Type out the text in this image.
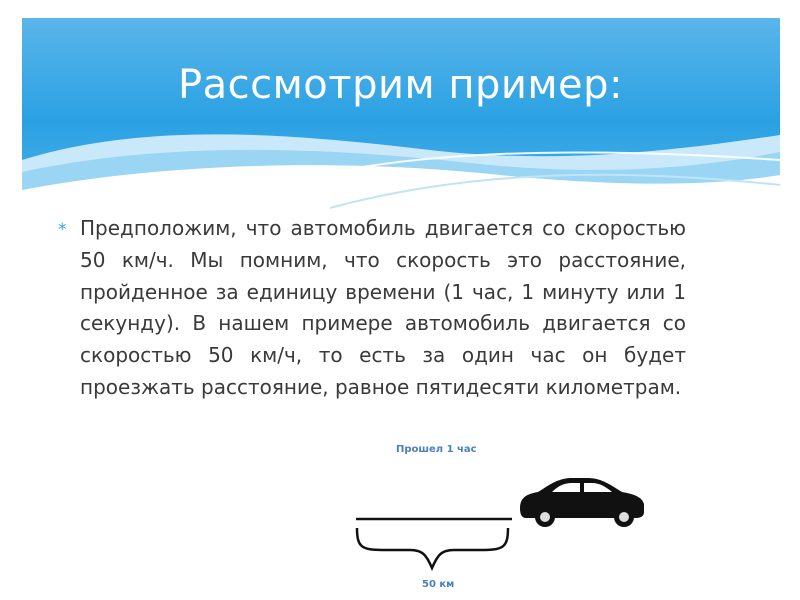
Рассмотрим пример:
* Предположим, что автомобиль двигается со скоростью 50 км/ч. Мы помним, что скорость это расстояние, пройденное за единицу времени (1 час, 1 минуту или 1 секунду). В нашем примере автомобиль двигается со скоростью 50 км/ч, то есть за один час он будет проезжать расстояние, равное пятидесяти километрам.
Прошел 1 час
50 км
